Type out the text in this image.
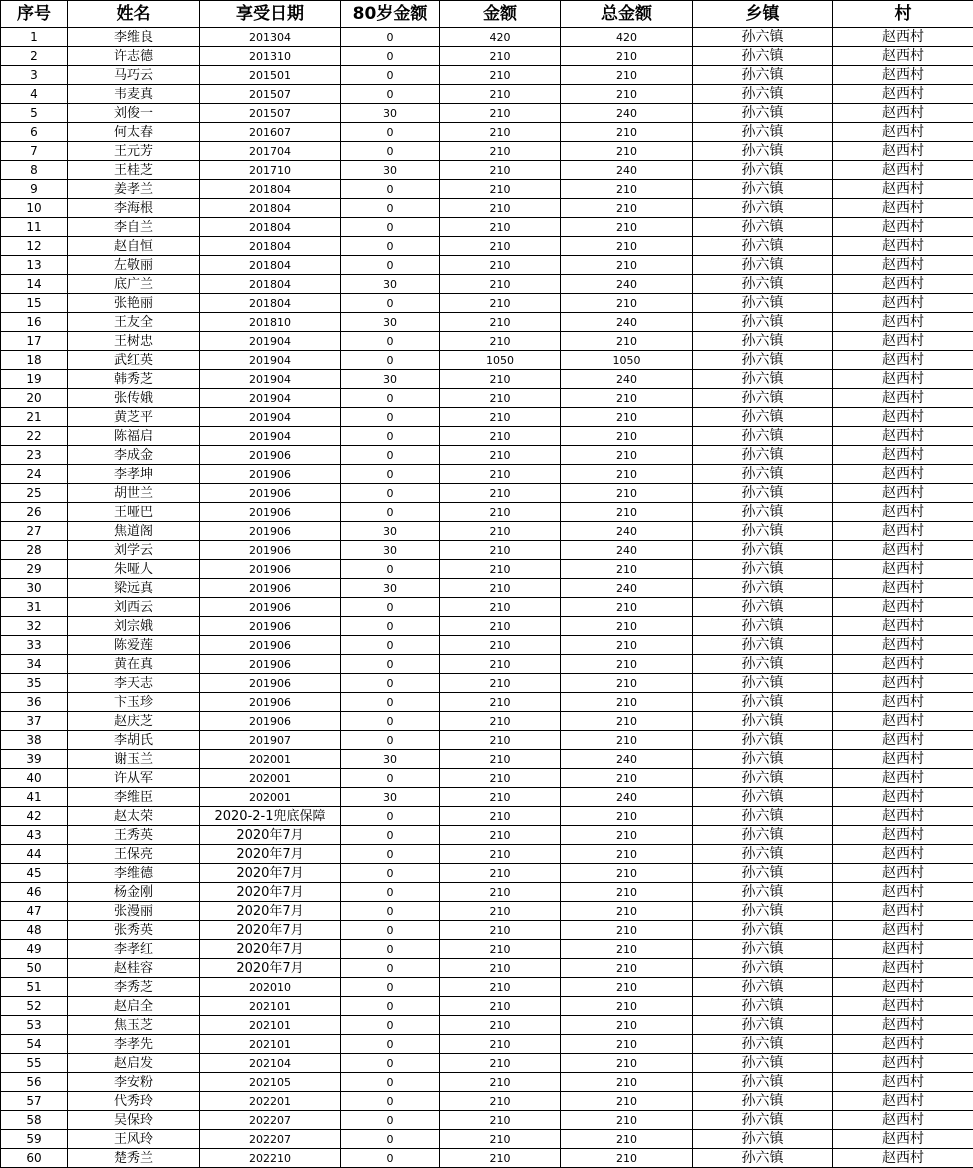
序号	姓名	享受日期	80岁金额	金额	总金额	乡镇	村
1	李维良	201304	0	420	420	孙六镇	赵西村
2	许志德	201310	0	210	210	孙六镇	赵西村
3	马巧云	201501	0	210	210	孙六镇	赵西村
4	韦麦真	201507	0	210	210	孙六镇	赵西村
5	刘俊一	201507	30	210	240	孙六镇	赵西村
6	何太春	201607	0	210	210	孙六镇	赵西村
7	王元芳	201704	0	210	210	孙六镇	赵西村
8	王桂芝	201710	30	210	240	孙六镇	赵西村
9	姜孝兰	201804	0	210	210	孙六镇	赵西村
10	李海根	201804	0	210	210	孙六镇	赵西村
11	李自兰	201804	0	210	210	孙六镇	赵西村
12	赵自恒	201804	0	210	210	孙六镇	赵西村
13	左敬丽	201804	0	210	210	孙六镇	赵西村
14	底广兰	201804	30	210	240	孙六镇	赵西村
15	张艳丽	201804	0	210	210	孙六镇	赵西村
16	王友全	201810	30	210	240	孙六镇	赵西村
17	王树忠	201904	0	210	210	孙六镇	赵西村
18	武红英	201904	0	1050	1050	孙六镇	赵西村
19	韩秀芝	201904	30	210	240	孙六镇	赵西村
20	张传娥	201904	0	210	210	孙六镇	赵西村
21	黄芝平	201904	0	210	210	孙六镇	赵西村
22	陈福启	201904	0	210	210	孙六镇	赵西村
23	李成金	201906	0	210	210	孙六镇	赵西村
24	李孝坤	201906	0	210	210	孙六镇	赵西村
25	胡世兰	201906	0	210	210	孙六镇	赵西村
26	王哑巴	201906	0	210	210	孙六镇	赵西村
27	焦道阁	201906	30	210	240	孙六镇	赵西村
28	刘学云	201906	30	210	240	孙六镇	赵西村
29	朱哑人	201906	0	210	210	孙六镇	赵西村
30	梁远真	201906	30	210	240	孙六镇	赵西村
31	刘西云	201906	0	210	210	孙六镇	赵西村
32	刘宗娥	201906	0	210	210	孙六镇	赵西村
33	陈爱莲	201906	0	210	210	孙六镇	赵西村
34	黄在真	201906	0	210	210	孙六镇	赵西村
35	李天志	201906	0	210	210	孙六镇	赵西村
36	卞玉珍	201906	0	210	210	孙六镇	赵西村
37	赵庆芝	201906	0	210	210	孙六镇	赵西村
38	李胡氏	201907	0	210	210	孙六镇	赵西村
39	谢玉兰	202001	30	210	240	孙六镇	赵西村
40	许从军	202001	0	210	210	孙六镇	赵西村
41	李维臣	202001	30	210	240	孙六镇	赵西村
42	赵太荣	2020-2-1兜底保障	0	210	210	孙六镇	赵西村
43	王秀英	2020年7月	0	210	210	孙六镇	赵西村
44	王保亮	2020年7月	0	210	210	孙六镇	赵西村
45	李维德	2020年7月	0	210	210	孙六镇	赵西村
46	杨金刚	2020年7月	0	210	210	孙六镇	赵西村
47	张漫丽	2020年7月	0	210	210	孙六镇	赵西村
48	张秀英	2020年7月	0	210	210	孙六镇	赵西村
49	李孝红	2020年7月	0	210	210	孙六镇	赵西村
50	赵桂容	2020年7月	0	210	210	孙六镇	赵西村
51	李秀芝	202010	0	210	210	孙六镇	赵西村
52	赵启全	202101	0	210	210	孙六镇	赵西村
53	焦玉芝	202101	0	210	210	孙六镇	赵西村
54	李孝先	202101	0	210	210	孙六镇	赵西村
55	赵启发	202104	0	210	210	孙六镇	赵西村
56	李安粉	202105	0	210	210	孙六镇	赵西村
57	代秀玲	202201	0	210	210	孙六镇	赵西村
58	吴保玲	202207	0	210	210	孙六镇	赵西村
59	王风玲	202207	0	210	210	孙六镇	赵西村
60	楚秀兰	202210	0	210	210	孙六镇	赵西村
